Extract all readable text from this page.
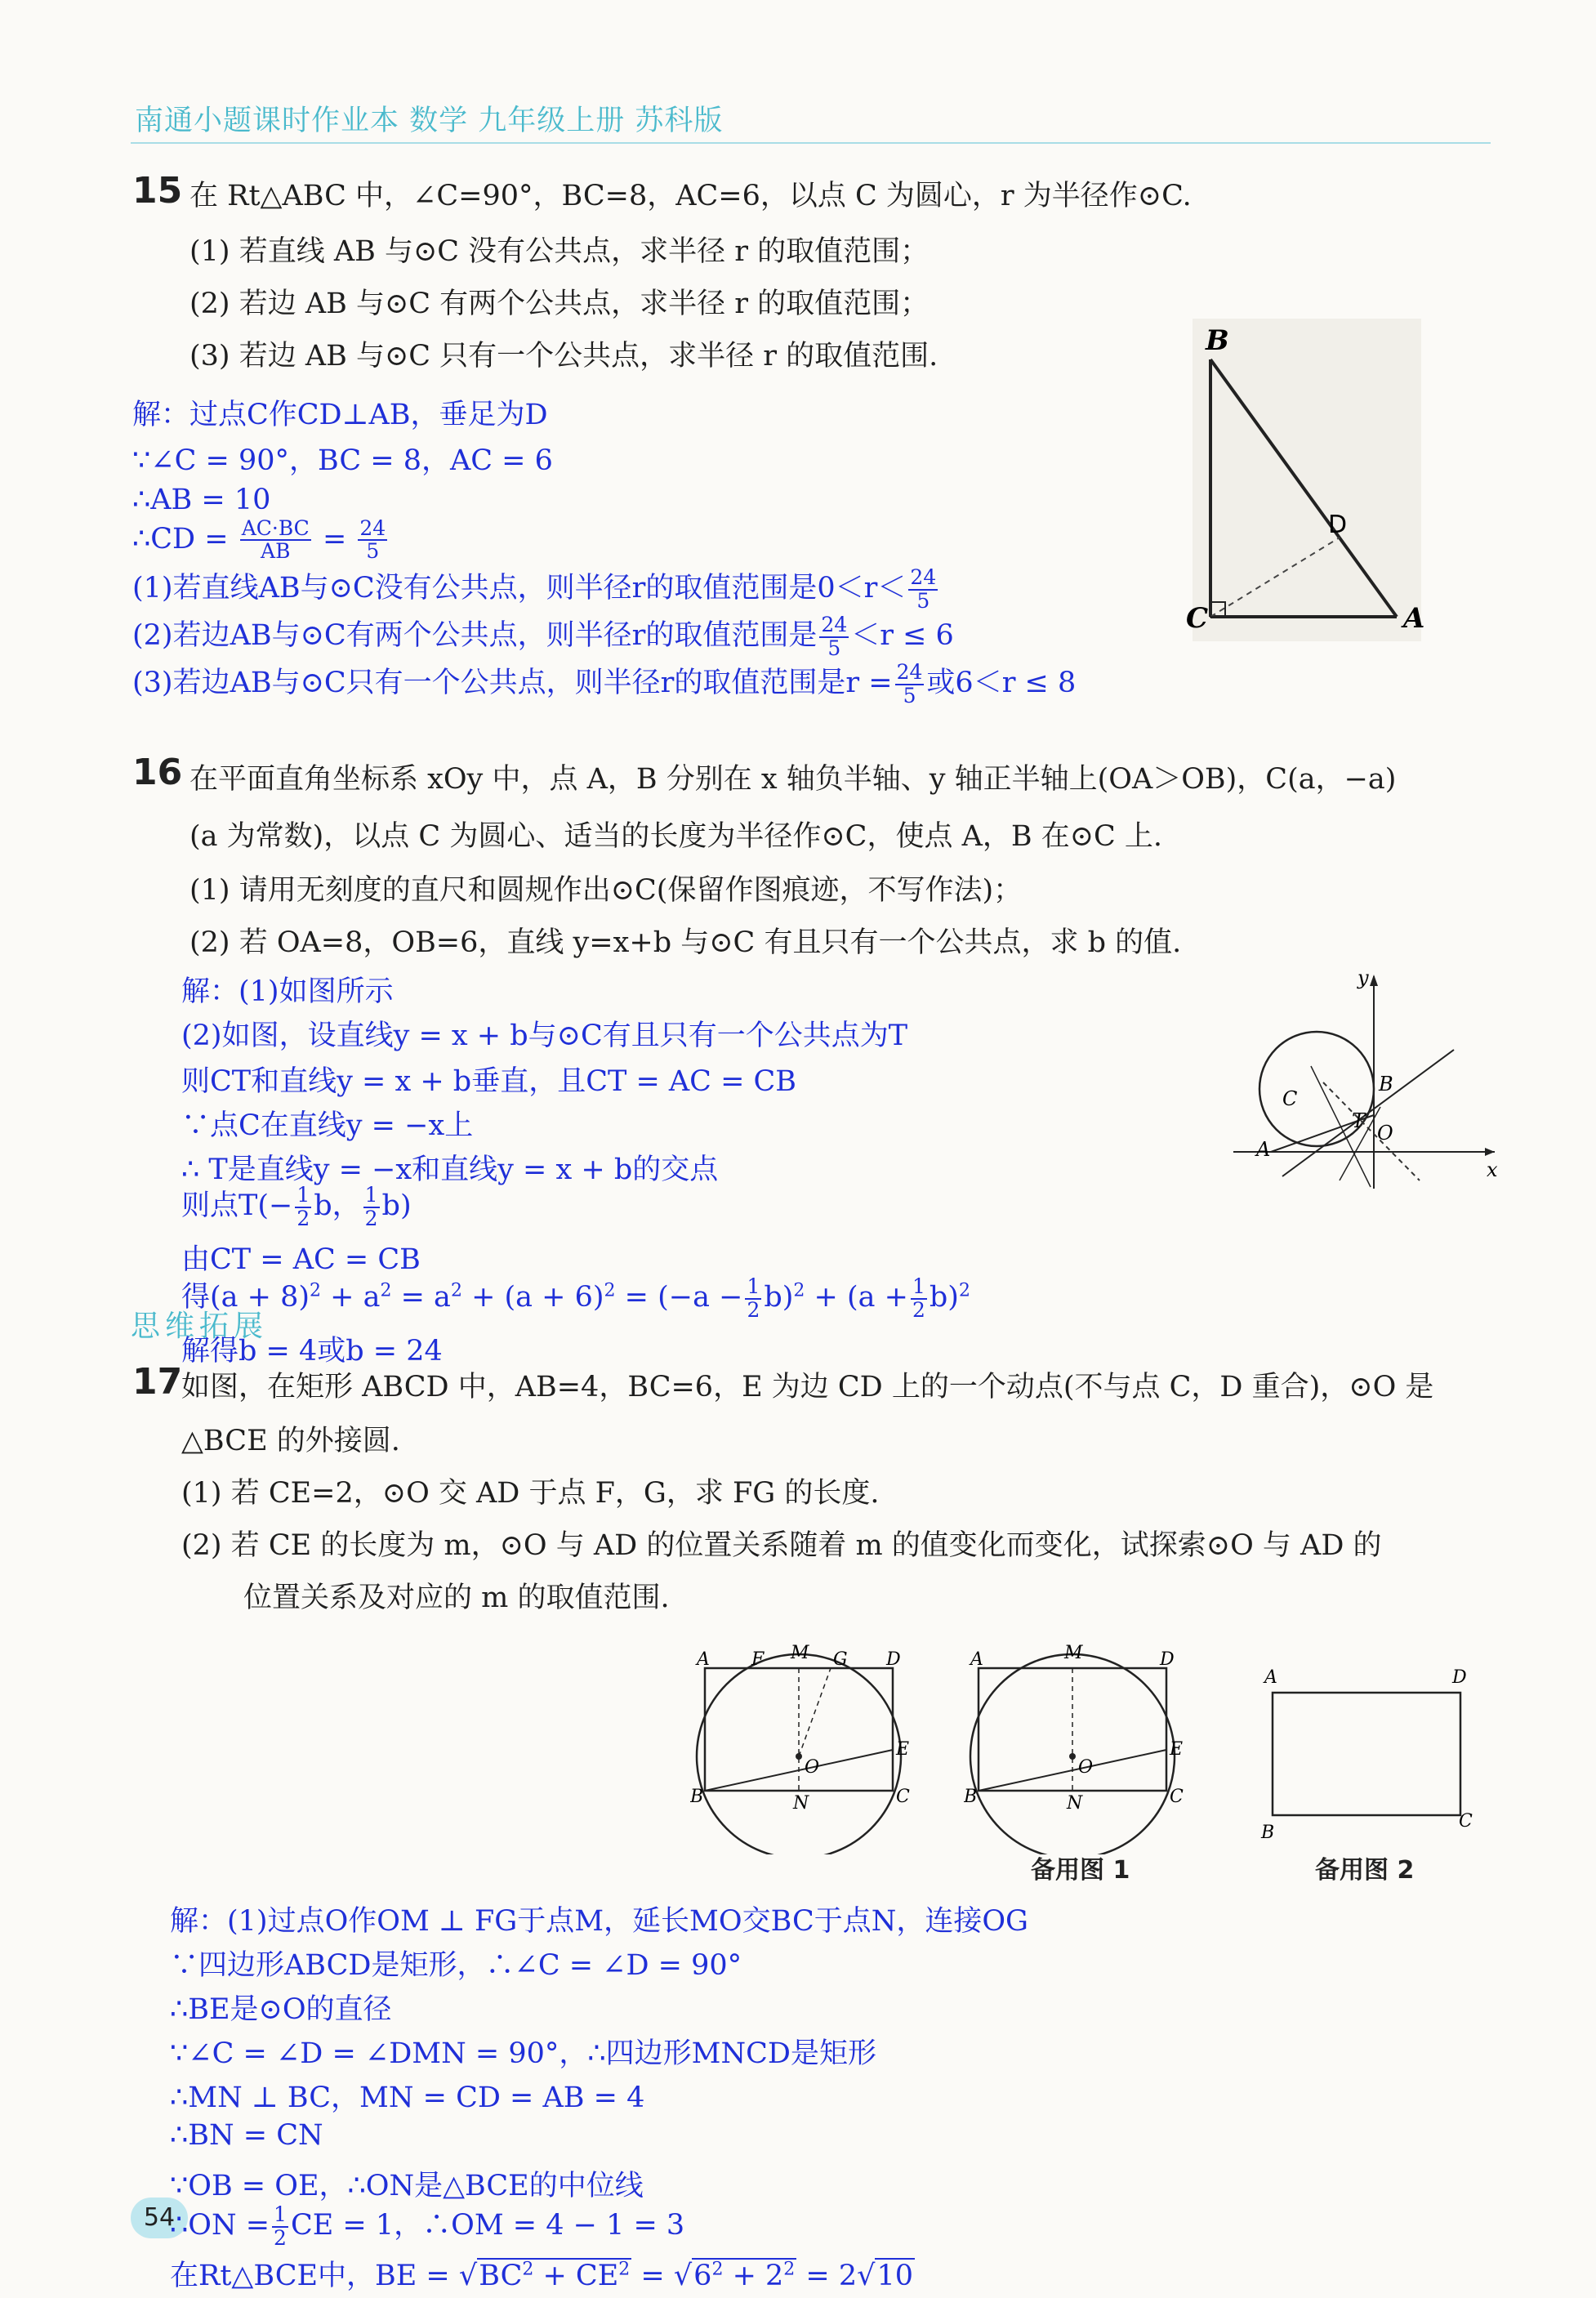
南通小题课时作业本 数学 九年级上册 苏科版
15 在 Rt△ABC 中，∠C=90°，BC=8，AC=6，以点 C 为圆心，r 为半径作⊙C.
(1) 若直线 AB 与⊙C 没有公共点，求半径 r 的取值范围；
(2) 若边 AB 与⊙C 有两个公共点，求半径 r 的取值范围；
(3) 若边 AB 与⊙C 只有一个公共点，求半径 r 的取值范围.
解：过点C作CD⊥AB，垂足为D
∵∠C = 90°，BC = 8，AC = 6
∴AB = 10
∴CD = $\frac{AC\cdot BC}{AB} = \frac{24}{5}$
(1)若直线AB与⊙C没有公共点，则半径r的取值范围是$0<r< \frac{24}{5}$
(2)若边AB与⊙C有两个公共点，则半径r的取值范围是 $\frac{24}{5} <r \le 6$
(3)若边AB与⊙C只有一个公共点，则半径r的取值范围是$r = \frac{24}{5}$ 或6＜r ≤ 8
B
C	A
D
16 在平面直角坐标系 xOy 中，点 A，B 分别在 x 轴负半轴、y 轴正半轴上(OA＞OB)，C(a，−a)
(a 为常数)，以点 C 为圆心、适当的长度为半径作⊙C，使点 A，B 在⊙C 上.
(1) 请用无刻度的直尺和圆规作出⊙C(保留作图痕迹，不写作法)；
(2) 若 OA=8，OB=6，直线 y=x+b 与⊙C 有且只有一个公共点，求 b 的值.
解：(1)如图所示
(2)如图，设直线y = x + b与⊙C有且只有一个公共点为T
则CT和直线y = x + b垂直，且CT = AC = CB
∵点C在直线y = −x上
∴ T是直线y = −x和直线y = x + b的交点
则点$T(- \frac{1}{2}$ b， $\frac{1}{2} b$)
由CT = AC = CB
得$(a + 8)^2 + a^2 = a^2 + (a + 6)^2 = (-a - \frac{1}{2} b)^2 + (a + \frac{1}{2} b)^2$
思维拓展
解得b = 4或b = 24
y
x
C
B
T
A
O
17
如图，在矩形 ABCD 中，AB=4，BC=6，E 为边 CD 上的一个动点(不与点 C，D 重合)，⊙O 是
△BCE 的外接圆.
(1) 若 CE=2，⊙O 交 AD 于点 F，G，求 FG 的长度.
(2) 若 CE 的长度为 m，⊙O 与 AD 的位置关系随着 m 的值变化而变化，试探索⊙O 与 AD 的
位置关系及对应的 m 的取值范围.
A F M G D
E
O
B	N	C
A	M	D
E
O
B	N	C
备用图 1
A	D
B
C
备用图 2
解：(1)过点O作OM ⊥ FG于点M，延长MO交BC于点N，连接OG
∵四边形ABCD是矩形，∴∠C = ∠D = 90°
∴BE是⊙O的直径
∵∠C = ∠D = ∠DMN = 90°，∴四边形MNCD是矩形
∴MN ⊥ BC，MN = CD = AB = 4
∴BN = CN
∵OB = OE，∴ON是△BCE的中位线
54
∴ON = $\frac{1}{2}$ CE = 1，∴OM = 4 − 1 = 3
在Rt△BCE中，BE = $√BC^2 + CE^2 = √6^2 + 2^2 = 2√10$
